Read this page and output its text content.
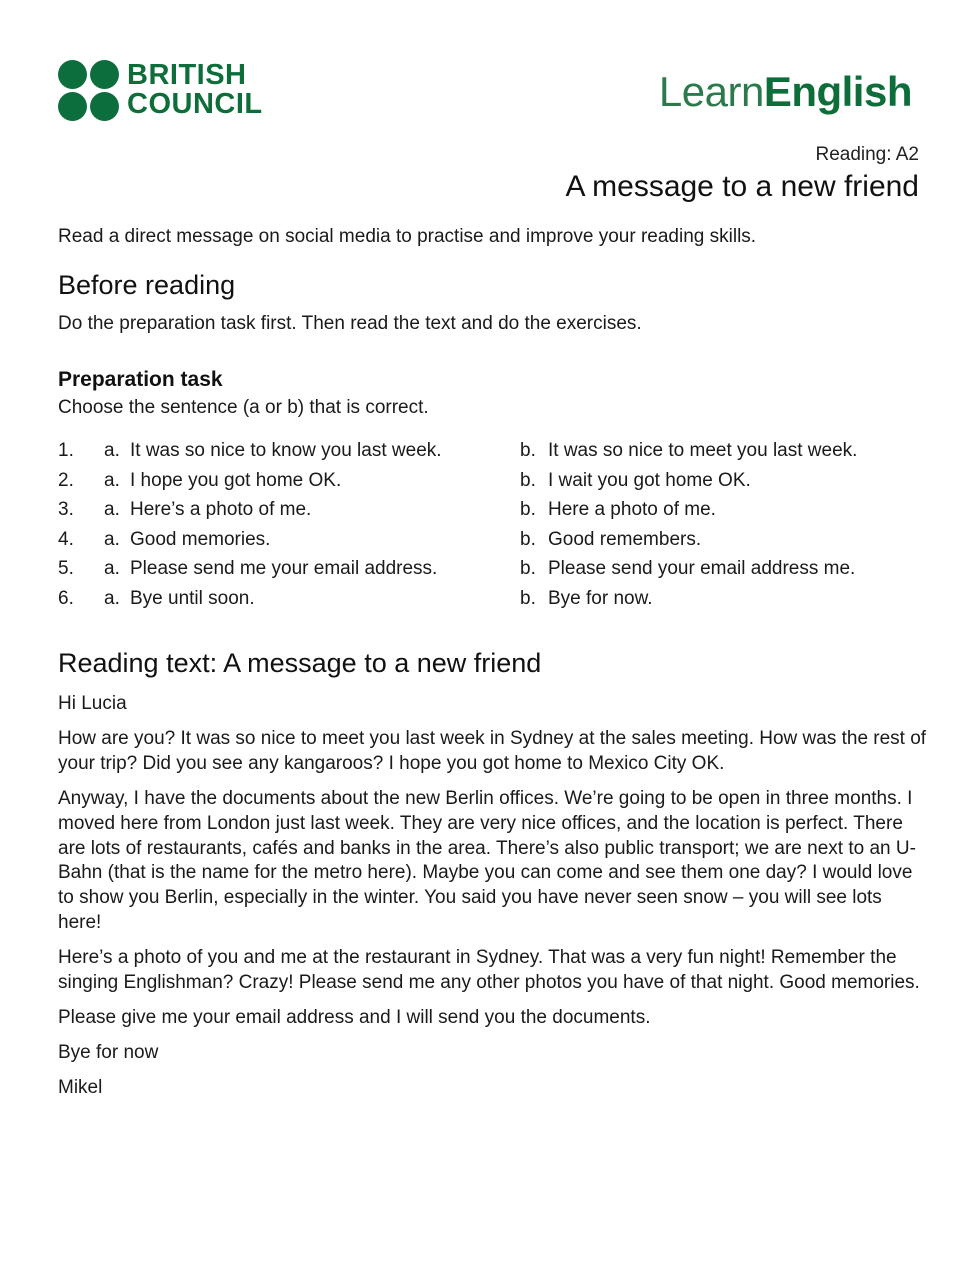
BRITISH
COUNCIL	LearnEnglish
Reading: A2
A message to a new friend
Read a direct message on social media to practise and improve your reading skills.
Before reading
Do the preparation task first. Then read the text and do the exercises.
Preparation task
Choose the sentence (a or b) that is correct.
1. a. It was so nice to know you last week.	b. It was so nice to meet you last week.
2. a. I hope you got home OK.	b. I wait you got home OK.
3. a. Here’s a photo of me.	b. Here a photo of me.
4. a. Good memories.	b. Good remembers.
5. a. Please send me your email address.	b. Please send your email address me.
6. a. Bye until soon.	b. Bye for now.
Reading text: A message to a new friend

Hi Lucia

How are you? It was so nice to meet you last week in Sydney at the sales meeting. How was the rest of your trip? Did you see any kangaroos? I hope you got home to Mexico City OK.

Anyway, I have the documents about the new Berlin offices. We’re going to be open in three months. I moved here from London just last week. They are very nice offices, and the location is perfect. There are lots of restaurants, cafés and banks in the area. There’s also public transport; we are next to an U-Bahn (that is the name for the metro here). Maybe you can come and see them one day? I would love to show you Berlin, especially in the winter. You said you have never seen snow – you will see lots here!

Here’s a photo of you and me at the restaurant in Sydney. That was a very fun night! Remember the singing Englishman? Crazy! Please send me any other photos you have of that night. Good memories.

Please give me your email address and I will send you the documents.

Bye for now

Mikel
